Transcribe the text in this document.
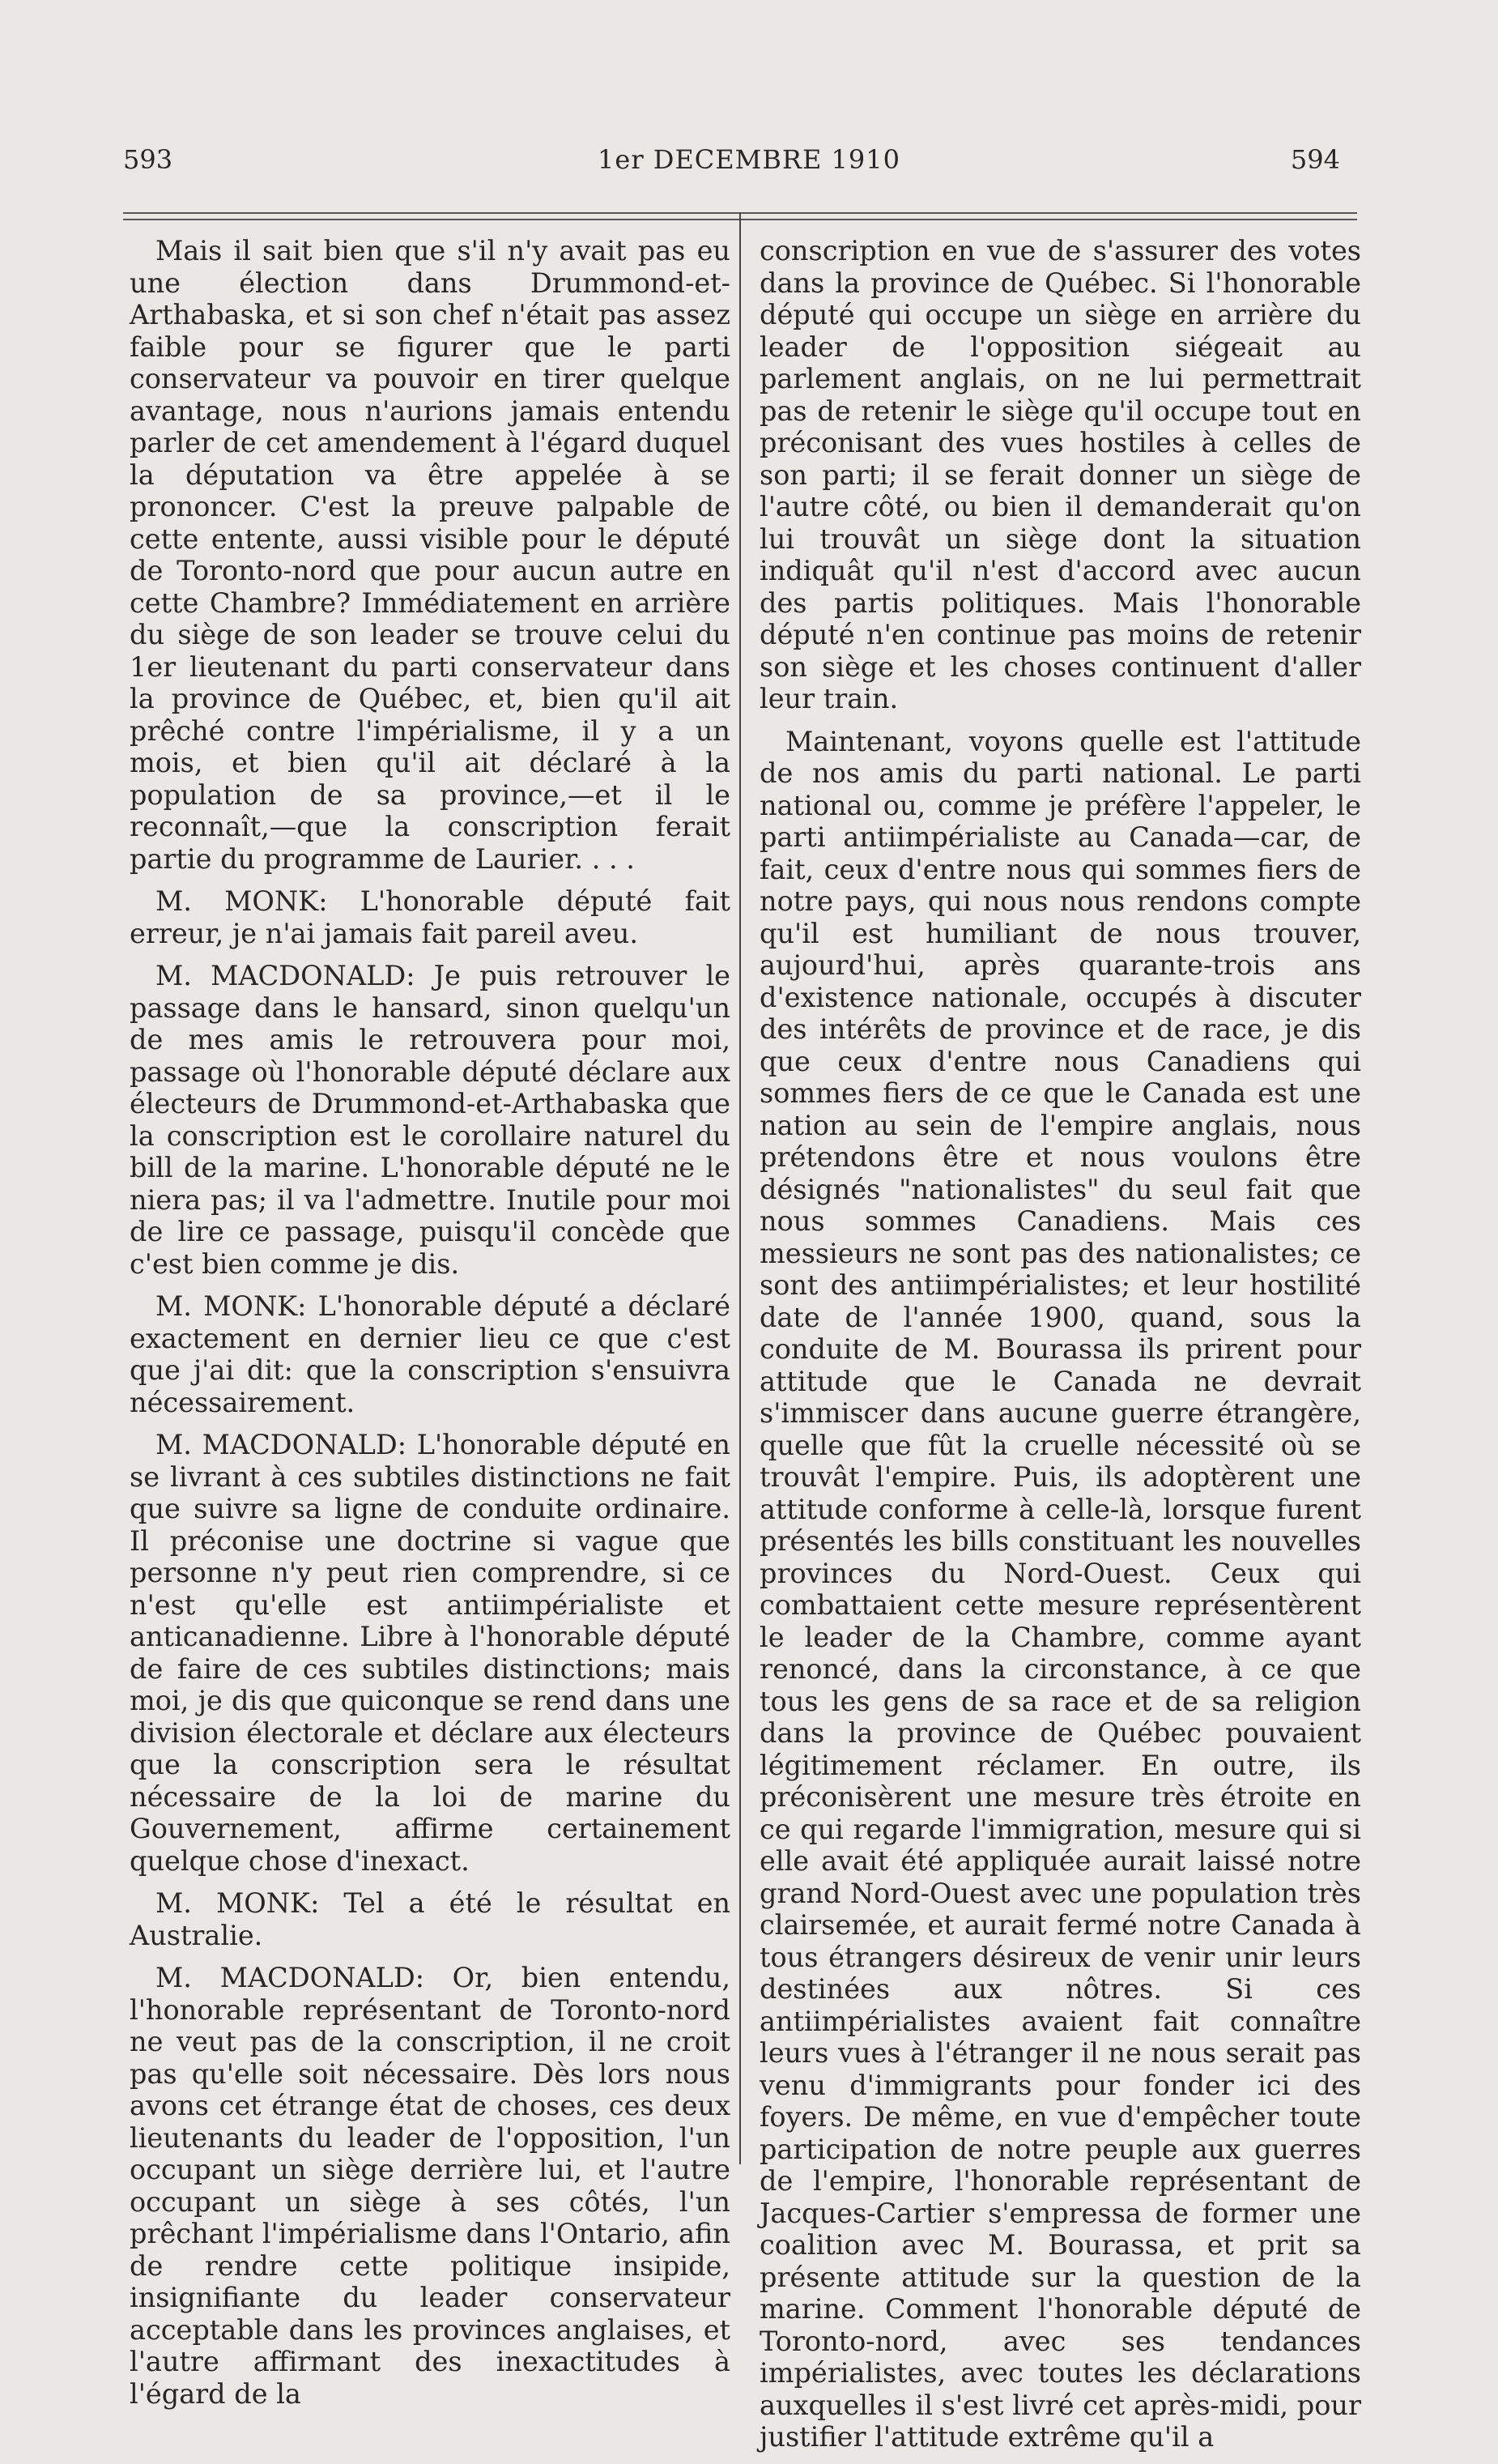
593	1er DECEMBRE 1910	594

Mais il sait bien que s'il n'y avait pas eu une élection dans Drummond-et-Arthabaska, et si son chef n'était pas assez faible pour se figurer que le parti conservateur va pouvoir en tirer quelque avantage, nous n'aurions jamais entendu parler de cet amendement à l'égard duquel la députation va être appelée à se prononcer. C'est la preuve palpable de cette entente, aussi visible pour le député de Toronto-nord que pour aucun autre en cette Chambre? Immédiatement en arrière du siège de son leader se trouve celui du 1er lieutenant du parti conservateur dans la province de Québec, et, bien qu'il ait prêché contre l'impérialisme, il y a un mois, et bien qu'il ait déclaré à la population de sa province,—et il le reconnaît,—que la conscription ferait partie du programme de Laurier. . . .

M. MONK: L'honorable député fait erreur, je n'ai jamais fait pareil aveu.

M. MACDONALD: Je puis retrouver le passage dans le hansard, sinon quelqu'un de mes amis le retrouvera pour moi, passage où l'honorable député déclare aux électeurs de Drummond-et-Arthabaska que la conscription est le corollaire naturel du bill de la marine. L'honorable député ne le niera pas; il va l'admettre. Inutile pour moi de lire ce passage, puisqu'il concède que c'est bien comme je dis.

M. MONK: L'honorable député a déclaré exactement en dernier lieu ce que c'est que j'ai dit: que la conscription s'ensuivra nécessairement.

M. MACDONALD: L'honorable député en se livrant à ces subtiles distinctions ne fait que suivre sa ligne de conduite ordinaire. Il préconise une doctrine si vague que personne n'y peut rien comprendre, si ce n'est qu'elle est antiimpérialiste et anticanadienne. Libre à l'honorable député de faire de ces subtiles distinctions; mais moi, je dis que quiconque se rend dans une division électorale et déclare aux électeurs que la conscription sera le résultat nécessaire de la loi de marine du Gouvernement, affirme certainement quelque chose d'inexact.

M. MONK: Tel a été le résultat en Australie.

M. MACDONALD: Or, bien entendu, l'honorable représentant de Toronto-nord ne veut pas de la conscription, il ne croit pas qu'elle soit nécessaire. Dès lors nous avons cet étrange état de choses, ces deux lieutenants du leader de l'opposition, l'un occupant un siège derrière lui, et l'autre occupant un siège à ses côtés, l'un prêchant l'impérialisme dans l'Ontario, afin de rendre cette politique insipide, insignifiante du leader conservateur acceptable dans les provinces anglaises, et l'autre affirmant des inexactitudes à l'égard de la

conscription en vue de s'assurer des votes dans la province de Québec. Si l'honorable député qui occupe un siège en arrière du leader de l'opposition siégeait au parlement anglais, on ne lui permettrait pas de retenir le siège qu'il occupe tout en préconisant des vues hostiles à celles de son parti; il se ferait donner un siège de l'autre côté, ou bien il demanderait qu'on lui trouvât un siège dont la situation indiquât qu'il n'est d'accord avec aucun des partis politiques. Mais l'honorable député n'en continue pas moins de retenir son siège et les choses continuent d'aller leur train.

Maintenant, voyons quelle est l'attitude de nos amis du parti national. Le parti national ou, comme je préfère l'appeler, le parti antiimpérialiste au Canada—car, de fait, ceux d'entre nous qui sommes fiers de notre pays, qui nous nous rendons compte qu'il est humiliant de nous trouver, aujourd'hui, après quarante-trois ans d'existence nationale, occupés à discuter des intérêts de province et de race, je dis que ceux d'entre nous Canadiens qui sommes fiers de ce que le Canada est une nation au sein de l'empire anglais, nous prétendons être et nous voulons être désignés "nationalistes" du seul fait que nous sommes Canadiens. Mais ces messieurs ne sont pas des nationalistes; ce sont des antiimpérialistes; et leur hostilité date de l'année 1900, quand, sous la conduite de M. Bourassa ils prirent pour attitude que le Canada ne devrait s'immiscer dans aucune guerre étrangère, quelle que fût la cruelle nécessité où se trouvât l'empire. Puis, ils adoptèrent une attitude conforme à celle-là, lorsque furent présentés les bills constituant les nouvelles provinces du Nord-Ouest. Ceux qui combattaient cette mesure représentèrent le leader de la Chambre, comme ayant renoncé, dans la circonstance, à ce que tous les gens de sa race et de sa religion dans la province de Québec pouvaient légitimement réclamer. En outre, ils préconisèrent une mesure très étroite en ce qui regarde l'immigration, mesure qui si elle avait été appliquée aurait laissé notre grand Nord-Ouest avec une population très clairsemée, et aurait fermé notre Canada à tous étrangers désireux de venir unir leurs destinées aux nôtres. Si ces antiimpérialistes avaient fait connaître leurs vues à l'étranger il ne nous serait pas venu d'immigrants pour fonder ici des foyers. De même, en vue d'empêcher toute participation de notre peuple aux guerres de l'empire, l'honorable représentant de Jacques-Cartier s'empressa de former une coalition avec M. Bourassa, et prit sa présente attitude sur la question de la marine. Comment l'honorable député de Toronto-nord, avec ses tendances impérialistes, avec toutes les déclarations auxquelles il s'est livré cet après-midi, pour justifier l'attitude extrême qu'il a
